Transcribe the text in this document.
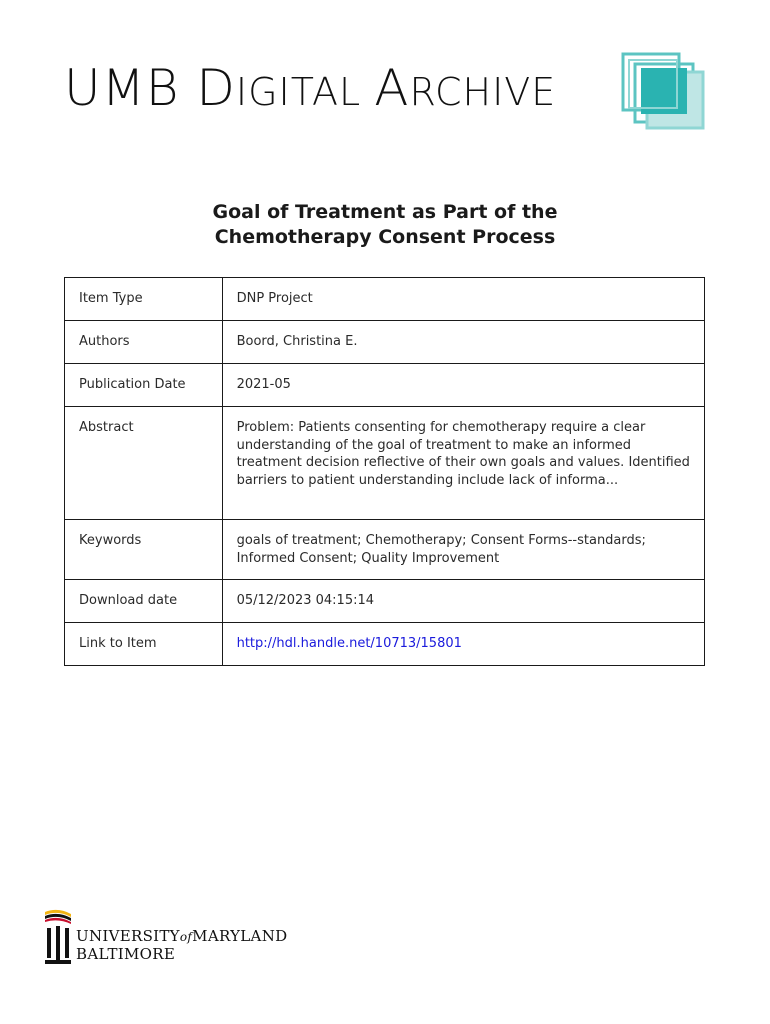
UMB DIGITAL ARCHIVE
Goal of Treatment as Part of the
Chemotherapy Consent Process
Item Type	DNP Project
Authors	Boord, Christina E.
Publication Date	2021-05
Abstract	Problem: Patients consenting for chemotherapy require a clear understanding of the goal of treatment to make an informed treatment decision reflective of their own goals and values. Identified barriers to patient understanding include lack of informa...
Keywords	goals of treatment; Chemotherapy; Consent Forms--standards; Informed Consent; Quality Improvement
Download date	05/12/2023 04:15:14
Link to Item	http://hdl.handle.net/10713/15801
UNIVERSITYofMARYLAND
BALTIMORE
